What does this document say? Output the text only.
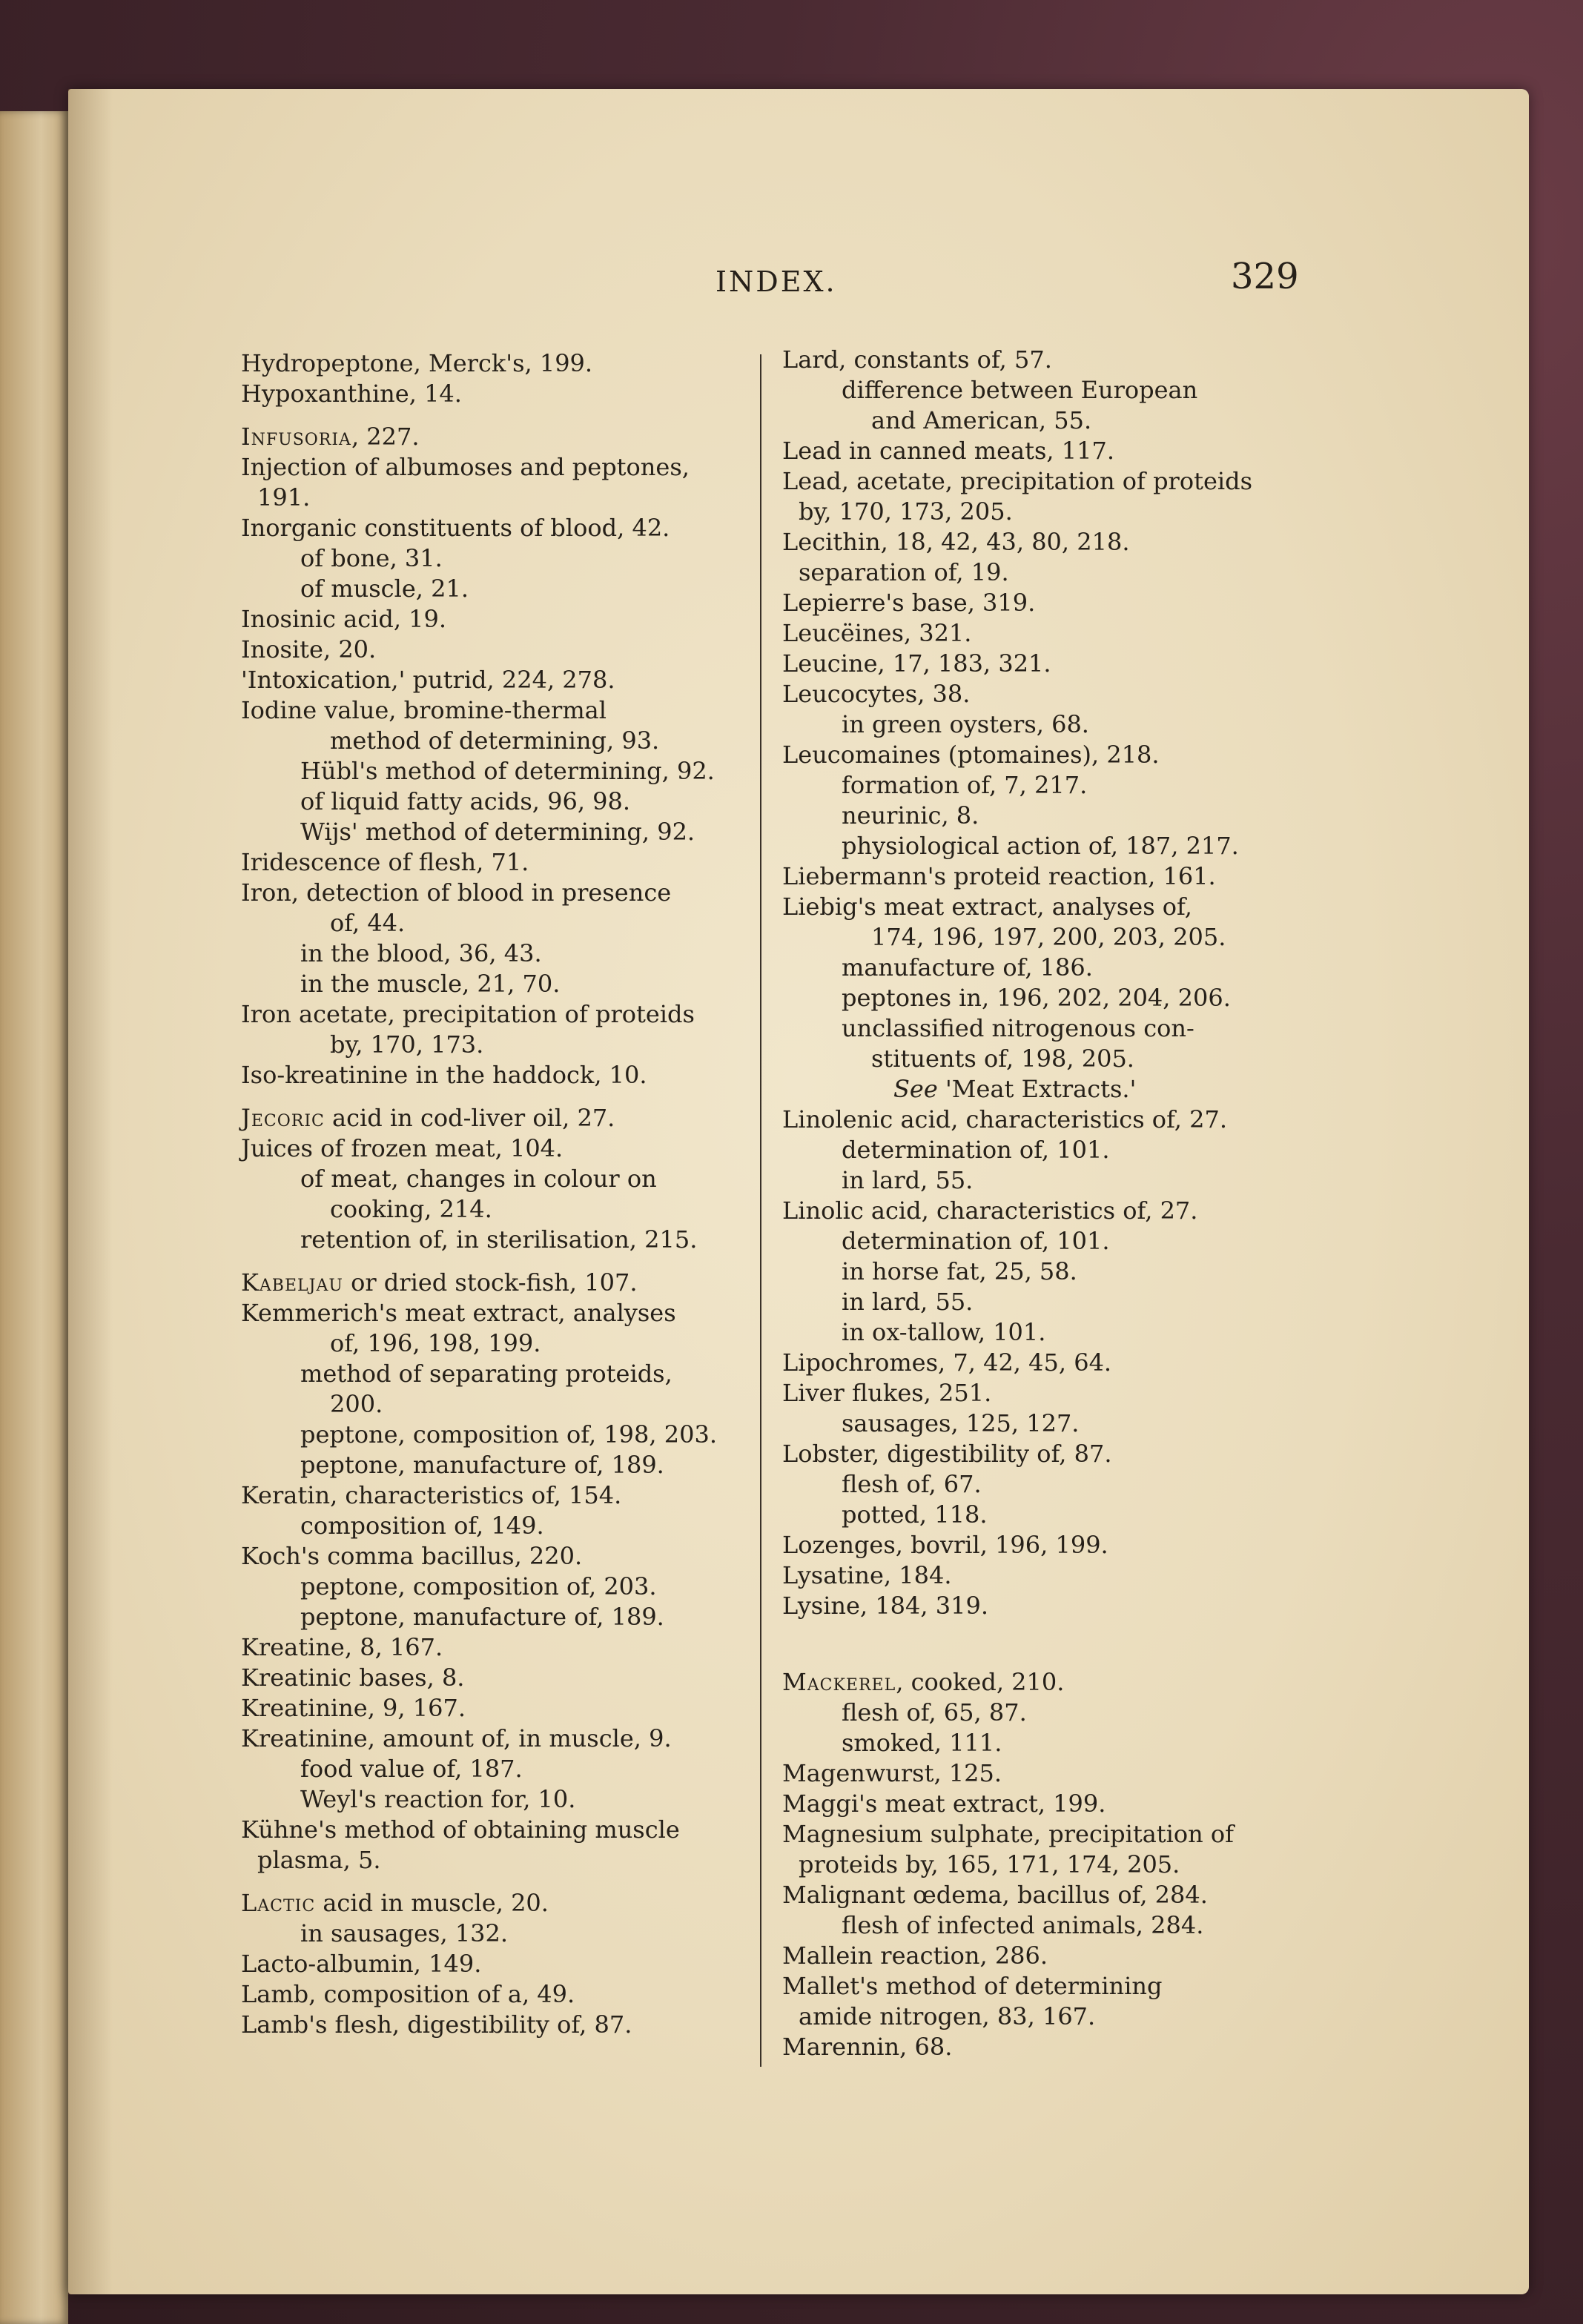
INDEX.	329
Hydropeptone, Merck's, 199.
Hypoxanthine, 14.
Infusoria, 227.
Injection of albumoses and peptones,
191.
Inorganic constituents of blood, 42.
of bone, 31.
of muscle, 21.
Inosinic acid, 19.
Inosite, 20.
'Intoxication,' putrid, 224, 278.
Iodine value, bromine-thermal
method of determining, 93.
Hübl's method of determining, 92.
of liquid fatty acids, 96, 98.
Wijs' method of determining, 92.
Iridescence of flesh, 71.
Iron, detection of blood in presence
of, 44.
in the blood, 36, 43.
in the muscle, 21, 70.
Iron acetate, precipitation of proteids
by, 170, 173.
Iso-kreatinine in the haddock, 10.
Jecoric acid in cod-liver oil, 27.
Juices of frozen meat, 104.
of meat, changes in colour on
cooking, 214.
retention of, in sterilisation, 215.
Kabeljau or dried stock-fish, 107.
Kemmerich's meat extract, analyses
of, 196, 198, 199.
method of separating proteids,
200.
peptone, composition of, 198, 203.
peptone, manufacture of, 189.
Keratin, characteristics of, 154.
composition of, 149.
Koch's comma bacillus, 220.
peptone, composition of, 203.
peptone, manufacture of, 189.
Kreatine, 8, 167.
Kreatinic bases, 8.
Kreatinine, 9, 167.
Kreatinine, amount of, in muscle, 9.
food value of, 187.
Weyl's reaction for, 10.
Kühne's method of obtaining muscle
plasma, 5.
Lactic acid in muscle, 20.
in sausages, 132.
Lacto-albumin, 149.
Lamb, composition of a, 49.
Lamb's flesh, digestibility of, 87.
Lard, constants of, 57.
difference between European
and American, 55.
Lead in canned meats, 117.
Lead, acetate, precipitation of proteids
by, 170, 173, 205.
Lecithin, 18, 42, 43, 80, 218.
separation of, 19.
Lepierre's base, 319.
Leucëines, 321.
Leucine, 17, 183, 321.
Leucocytes, 38.
in green oysters, 68.
Leucomaines (ptomaines), 218.
formation of, 7, 217.
neurinic, 8.
physiological action of, 187, 217.
Liebermann's proteid reaction, 161.
Liebig's meat extract, analyses of,
174, 196, 197, 200, 203, 205.
manufacture of, 186.
peptones in, 196, 202, 204, 206.
unclassified nitrogenous con-
stituents of, 198, 205.
See 'Meat Extracts.'
Linolenic acid, characteristics of, 27.
determination of, 101.
in lard, 55.
Linolic acid, characteristics of, 27.
determination of, 101.
in horse fat, 25, 58.
in lard, 55.
in ox-tallow, 101.
Lipochromes, 7, 42, 45, 64.
Liver flukes, 251.
sausages, 125, 127.
Lobster, digestibility of, 87.
flesh of, 67.
potted, 118.
Lozenges, bovril, 196, 199.
Lysatine, 184.
Lysine, 184, 319.
Mackerel, cooked, 210.
flesh of, 65, 87.
smoked, 111.
Magenwurst, 125.
Maggi's meat extract, 199.
Magnesium sulphate, precipitation of
proteids by, 165, 171, 174, 205.
Malignant œdema, bacillus of, 284.
flesh of infected animals, 284.
Mallein reaction, 286.
Mallet's method of determining
amide nitrogen, 83, 167.
Marennin, 68.
